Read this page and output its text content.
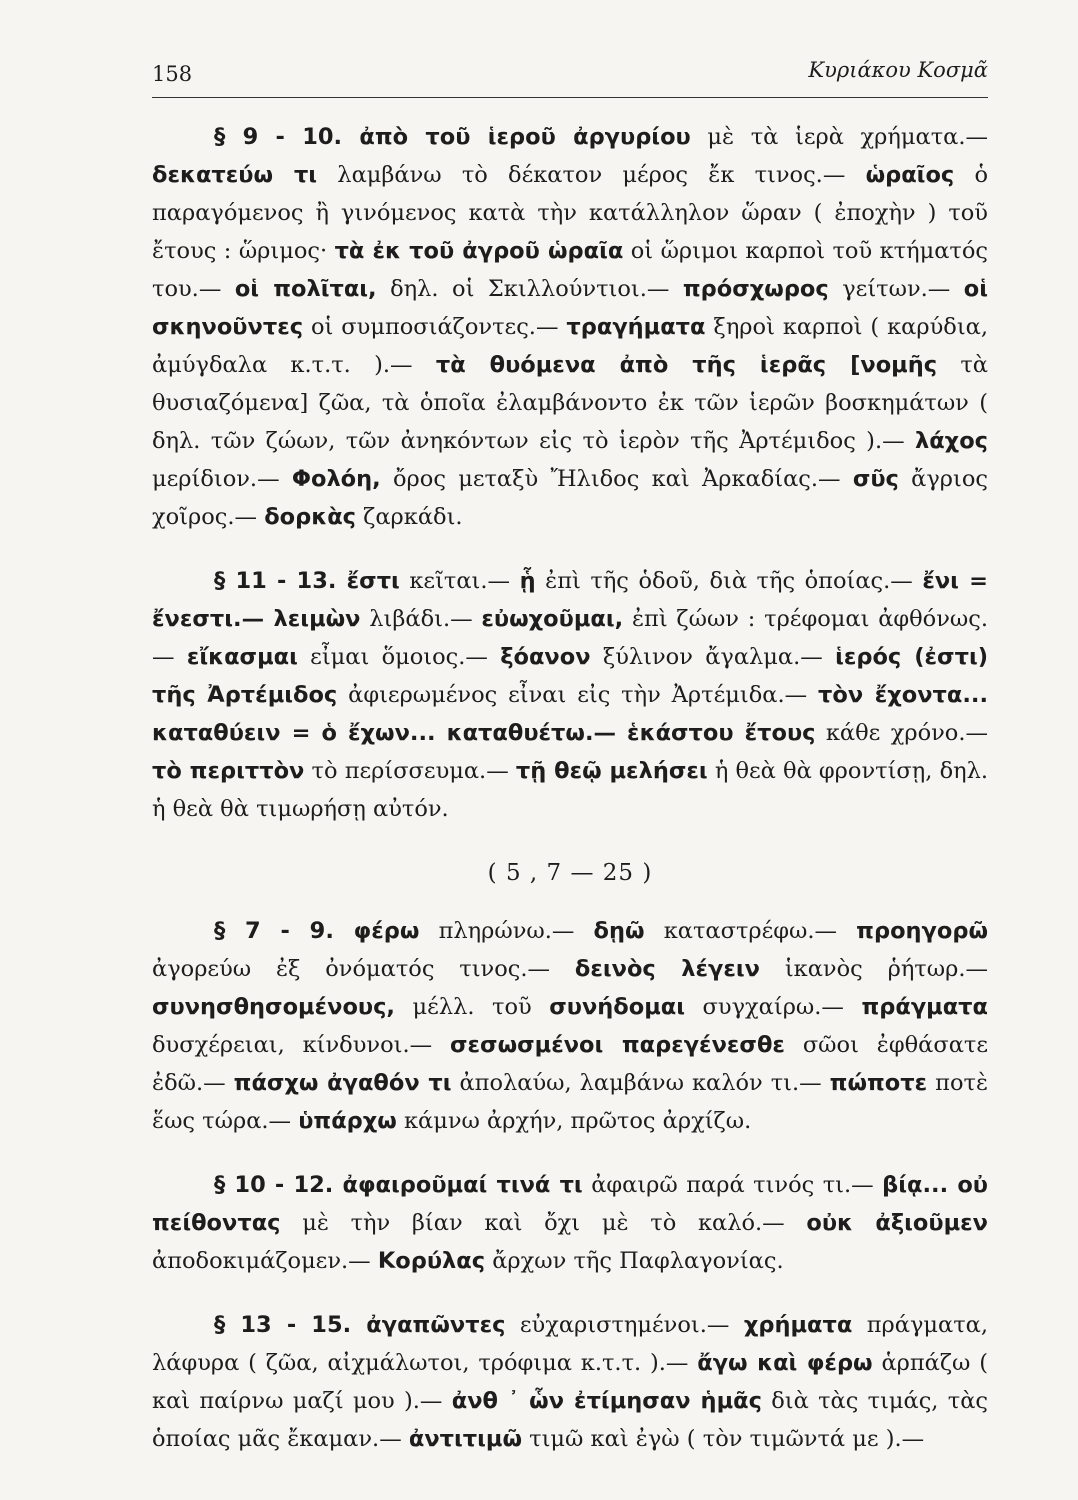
158	Κυριάκου Κοσμᾶ

§ 9 - 10. ἀπὸ τοῦ ἱεροῦ ἀργυρίου μὲ τὰ ἱερὰ χρήματα.— δεκατεύω τι λαμβάνω τὸ δέκατον μέρος ἔκ τινος.— ὡραῖος ὁ παραγόμενος ἢ γινόμενος κατὰ τὴν κατάλληλον ὥραν ( ἐποχὴν ) τοῦ ἔτους : ὥριμος· τὰ ἐκ τοῦ ἀγροῦ ὡραῖα οἱ ὥριμοι καρποὶ τοῦ κτήματός του.— οἱ πολῖται, δηλ. οἱ Σκιλλούντιοι.— πρόσχωρος γείτων.— οἱ σκηνοῦντες οἱ συμποσιάζοντες.— τραγήματα ξηροὶ καρποὶ ( καρύδια, ἀμύγδαλα κ.τ.τ. ).— τὰ θυόμενα ἀπὸ τῆς ἱερᾶς [νομῆς τὰ θυσιαζόμενα] ζῶα, τὰ ὁποῖα ἐλαμβάνοντο ἐκ τῶν ἱερῶν βοσκημάτων ( δηλ. τῶν ζώων, τῶν ἀνηκόντων εἰς τὸ ἱερὸν τῆς Ἀρτέμιδος ).— λάχος μερίδιον.— Φολόη, ὄρος μεταξὺ Ἤλιδος καὶ Ἀρκαδίας.— σῦς ἄγριος χοῖρος.— δορκὰς ζαρκάδι.

§ 11 - 13. ἔστι κεῖται.— ᾗ ἐπὶ τῆς ὁδοῦ, διὰ τῆς ὁποίας.— ἔνι = ἔνεστι.— λειμὼν λιβάδι.— εὐωχοῦμαι, ἐπὶ ζώων : τρέφομαι ἀφθόνως.— εἴκασμαι εἶμαι ὅμοιος.— ξόανον ξύλινον ἄγαλμα.— ἱερός (ἐστι) τῆς Ἀρτέμιδος ἀφιερωμένος εἶναι εἰς τὴν Ἀρτέμιδα.— τὸν ἔχοντα... καταθύειν = ὁ ἔχων... καταθυέτω.— ἑκάστου ἔτους κάθε χρόνο.— τὸ περιττὸν τὸ περίσσευμα.— τῇ θεῷ μελήσει ἡ θεὰ θὰ φροντίσῃ, δηλ. ἡ θεὰ θὰ τιμωρήσῃ αὐτόν.

( 5 , 7 — 25 )

§ 7 - 9. φέρω πληρώνω.— δῃῶ καταστρέφω.— προηγορῶ ἀγορεύω ἐξ ὀνόματός τινος.— δεινὸς λέγειν ἱκανὸς ῥήτωρ.— συνησθησομένους, μέλλ. τοῦ συνήδομαι συγχαίρω.— πράγματα δυσχέρειαι, κίνδυνοι.— σεσωσμένοι παρεγένεσθε σῶοι ἐφθάσατε ἐδῶ.— πάσχω ἀγαθόν τι ἀπολαύω, λαμβάνω καλόν τι.— πώποτε ποτὲ ἕως τώρα.— ὑπάρχω κάμνω ἀρχήν, πρῶτος ἀρχίζω.

§ 10 - 12. ἀφαιροῦμαί τινά τι ἀφαιρῶ παρά τινός τι.— βίᾳ... οὐ πείθοντας μὲ τὴν βίαν καὶ ὄχι μὲ τὸ καλό.— οὐκ ἀξιοῦμεν ἀποδοκιμάζομεν.— Κορύλας ἄρχων τῆς Παφλαγονίας.

§ 13 - 15. ἀγαπῶντες εὐχαριστημένοι.— χρήματα πράγματα, λάφυρα ( ζῶα, αἰχμάλωτοι, τρόφιμα κ.τ.τ. ).— ἄγω καὶ φέρω ἁρπάζω ( καὶ παίρνω μαζί μου ).— ἀνθ ᾿ ὧν ἐτίμησαν ἡμᾶς διὰ τὰς τιμάς, τὰς ὁποίας μᾶς ἔκαμαν.— ἀντιτιμῶ τιμῶ καὶ ἐγὼ ( τὸν τιμῶντά με ).—
